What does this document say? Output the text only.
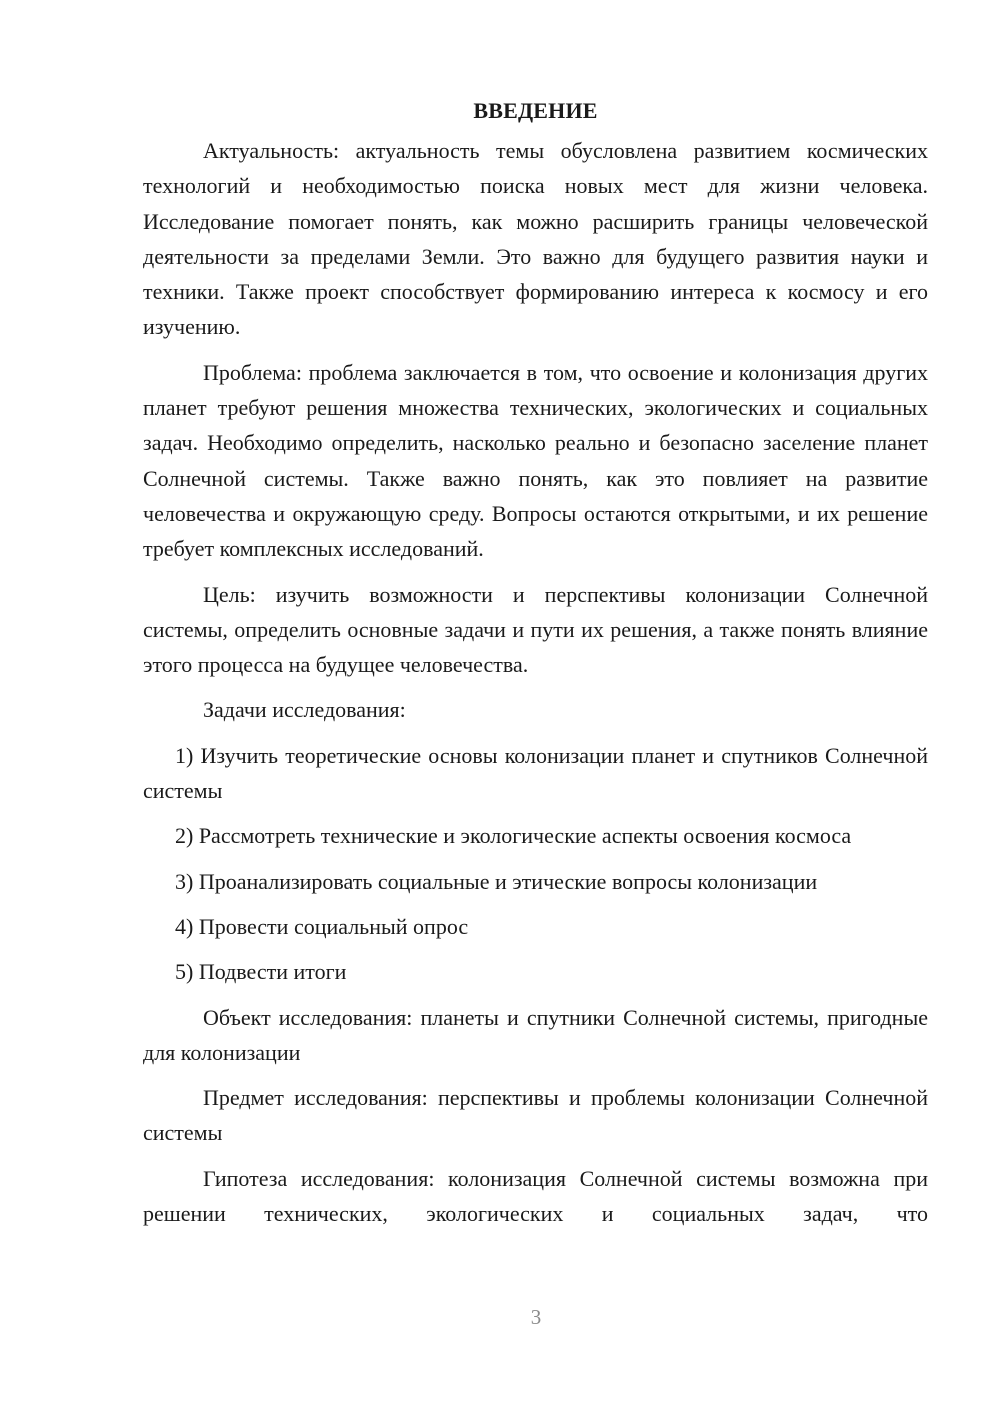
ВВЕДЕНИЕ

Актуальность: актуальность темы обусловлена развитием космических технологий и необходимостью поиска новых мест для жизни человека. Исследование помогает понять, как можно расширить границы человеческой деятельности за пределами Земли. Это важно для будущего развития науки и техники. Также проект способствует формированию интереса к космосу и его изучению.

Проблема: проблема заключается в том, что освоение и колонизация других планет требуют решения множества технических, экологических и социальных задач. Необходимо определить, насколько реально и безопасно заселение планет Солнечной системы. Также важно понять, как это повлияет на развитие человечества и окружающую среду. Вопросы остаются открытыми, и их решение требует комплексных исследований.

Цель: изучить возможности и перспективы колонизации Солнечной системы, определить основные задачи и пути их решения, а также понять влияние этого процесса на будущее человечества.

Задачи исследования:

1) Изучить теоретические основы колонизации планет и спутников Солнечной системы

2) Рассмотреть технические и экологические аспекты освоения космоса

3) Проанализировать социальные и этические вопросы колонизации

4) Провести социальный опрос

5) Подвести итоги

Объект исследования: планеты и спутники Солнечной системы, пригодные для колонизации

Предмет исследования: перспективы и проблемы колонизации Солнечной системы

Гипотеза исследования: колонизация Солнечной системы возможна при решении технических, экологических и социальных задач, что

3
